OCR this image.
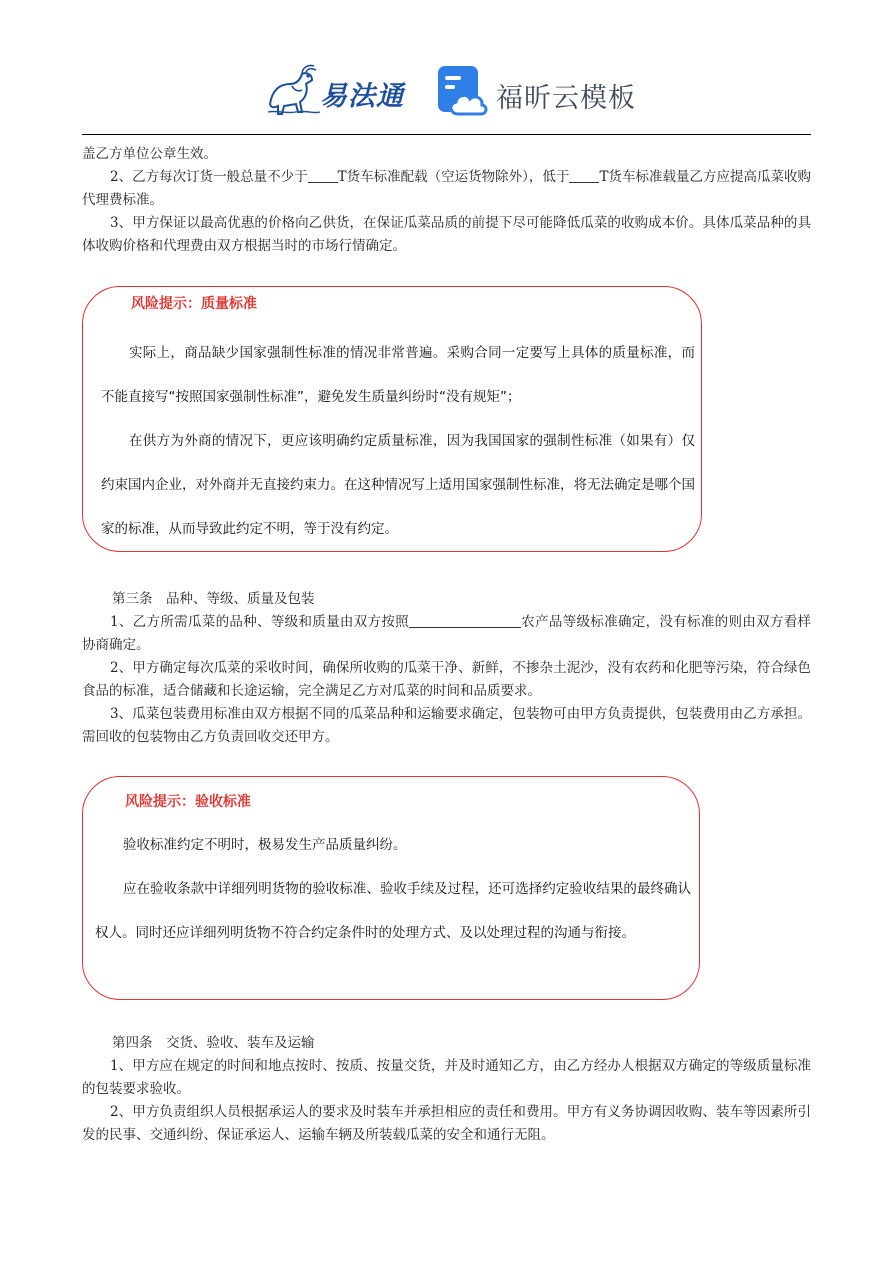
易法通	福昕云模板

盖乙方单位公章生效。

2、乙方每次订货一般总量不少于 T货车标准配载（空运货物除外），低于 T货车标准载量乙方应提高瓜菜收购代理费标准。

3、甲方保证以最高优惠的价格向乙供货，在保证瓜菜品质的前提下尽可能降低瓜菜的收购成本价。具体瓜菜品种的具体收购价格和代理费由双方根据当时的市场行情确定。

风险提示：质量标准

实际上，商品缺少国家强制性标准的情况非常普遍。采购合同一定要写上具体的质量标准，而不能直接写“按照国家强制性标准”，避免发生质量纠纷时“没有规矩”；

在供方为外商的情况下，更应该明确约定质量标准，因为我国国家的强制性标准（如果有）仅约束国内企业，对外商并无直接约束力。在这种情况写上适用国家强制性标准，将无法确定是哪个国家的标准，从而导致此约定不明，等于没有约定。

第三条　品种、等级、质量及包装

1、乙方所需瓜菜的品种、等级和质量由双方按照	农产品等级标准确定，没有标准的则由双方看样协商确定。

2、甲方确定每次瓜菜的采收时间，确保所收购的瓜菜干净、新鲜，不掺杂土泥沙，没有农药和化肥等污染，符合绿色食品的标准，适合储藏和长途运输，完全满足乙方对瓜菜的时间和品质要求。

3、瓜菜包装费用标准由双方根据不同的瓜菜品种和运输要求确定，包装物可由甲方负责提供，包装费用由乙方承担。需回收的包装物由乙方负责回收交还甲方。

风险提示：验收标准

验收标准约定不明时，极易发生产品质量纠纷。

应在验收条款中详细列明货物的验收标准、验收手续及过程，还可选择约定验收结果的最终确认权人。同时还应详细列明货物不符合约定条件时的处理方式、及以处理过程的沟通与衔接。

第四条　交货、验收、装车及运输

1、甲方应在规定的时间和地点按时、按质、按量交货，并及时通知乙方，由乙方经办人根据双方确定的等级质量标准的包装要求验收。

2、甲方负责组织人员根据承运人的要求及时装车并承担相应的责任和费用。甲方有义务协调因收购、装车等因素所引发的民事、交通纠纷、保证承运人、运输车辆及所装载瓜菜的安全和通行无阻。
